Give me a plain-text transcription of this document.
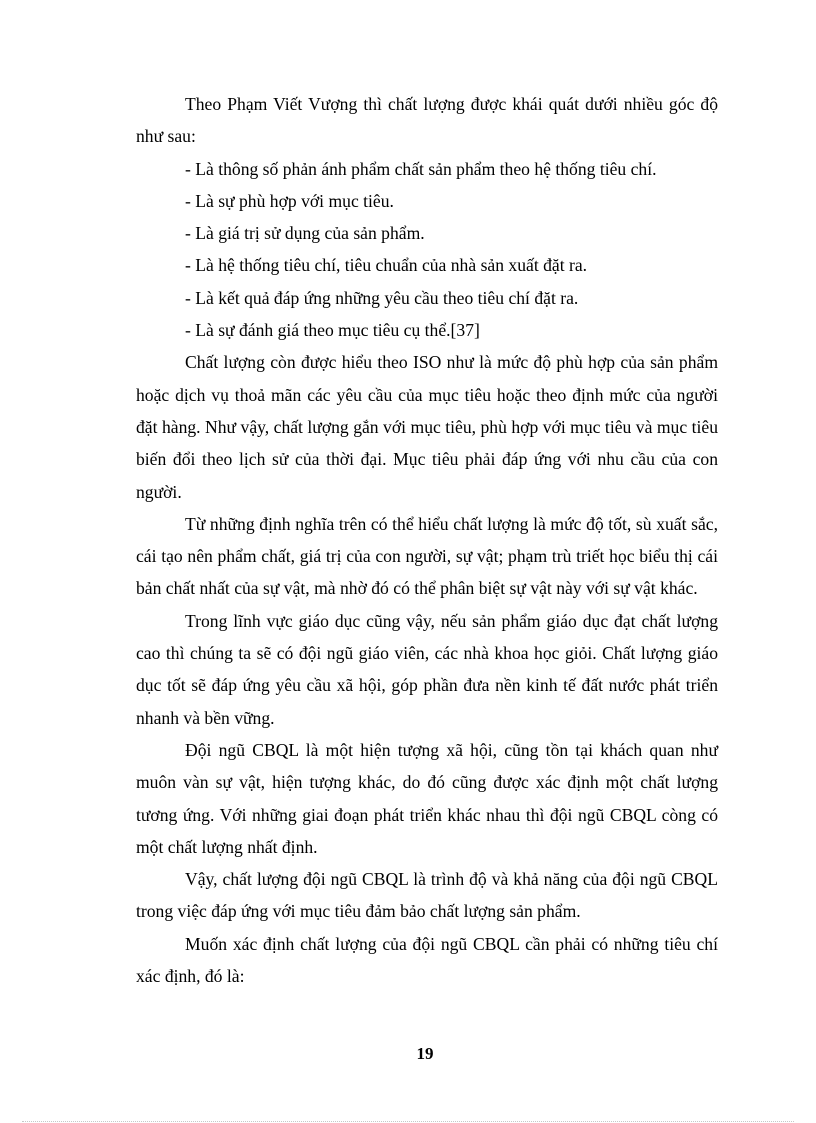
Theo Phạm Viết Vượng thì chất lượng được khái quát dưới nhiều góc độ như sau:

- Là thông số phản ánh phẩm chất sản phẩm theo hệ thống tiêu chí.

- Là sự phù hợp với mục tiêu.

- Là giá trị sử dụng của sản phẩm.

- Là hệ thống tiêu chí, tiêu chuẩn của nhà sản xuất đặt ra.

- Là kết quả đáp ứng những yêu cầu theo tiêu chí đặt ra.

- Là sự đánh giá theo mục tiêu cụ thể.[37]

Chất lượng còn được hiểu theo ISO như là mức độ phù hợp của sản phẩm hoặc dịch vụ thoả mãn các yêu cầu của mục tiêu hoặc theo định mức của người đặt hàng. Như vậy, chất lượng gắn với mục tiêu, phù hợp với mục tiêu và mục tiêu biến đổi theo lịch sử của thời đại. Mục tiêu phải đáp ứng với nhu cầu của con người.

Từ những định nghĩa trên có thể hiểu chất lượng là mức độ tốt, sù xuất sắc, cái tạo nên phẩm chất, giá trị của con người, sự vật; phạm trù triết học biểu thị cái bản chất nhất của sự vật, mà nhờ đó có thể phân biệt sự vật này với sự vật khác.

Trong lĩnh vực giáo dục cũng vậy, nếu sản phẩm giáo dục đạt chất lượng cao thì chúng ta sẽ có đội ngũ giáo viên, các nhà khoa học giỏi. Chất lượng giáo dục tốt sẽ đáp ứng yêu cầu xã hội, góp phần đưa nền kinh tế đất nước phát triển nhanh và bền vững.

Đội ngũ CBQL là một hiện tượng xã hội, cũng tồn tại khách quan như muôn vàn sự vật, hiện tượng khác, do đó cũng được xác định một chất lượng tương ứng. Với những giai đoạn phát triển khác nhau thì đội ngũ CBQL còng có một chất lượng nhất định.

Vậy, chất lượng đội ngũ CBQL là trình độ và khả năng của đội ngũ CBQL trong việc đáp ứng với mục tiêu đảm bảo chất lượng sản phẩm.

Muốn xác định chất lượng của đội ngũ CBQL cần phải có những tiêu chí xác định, đó là:

19
